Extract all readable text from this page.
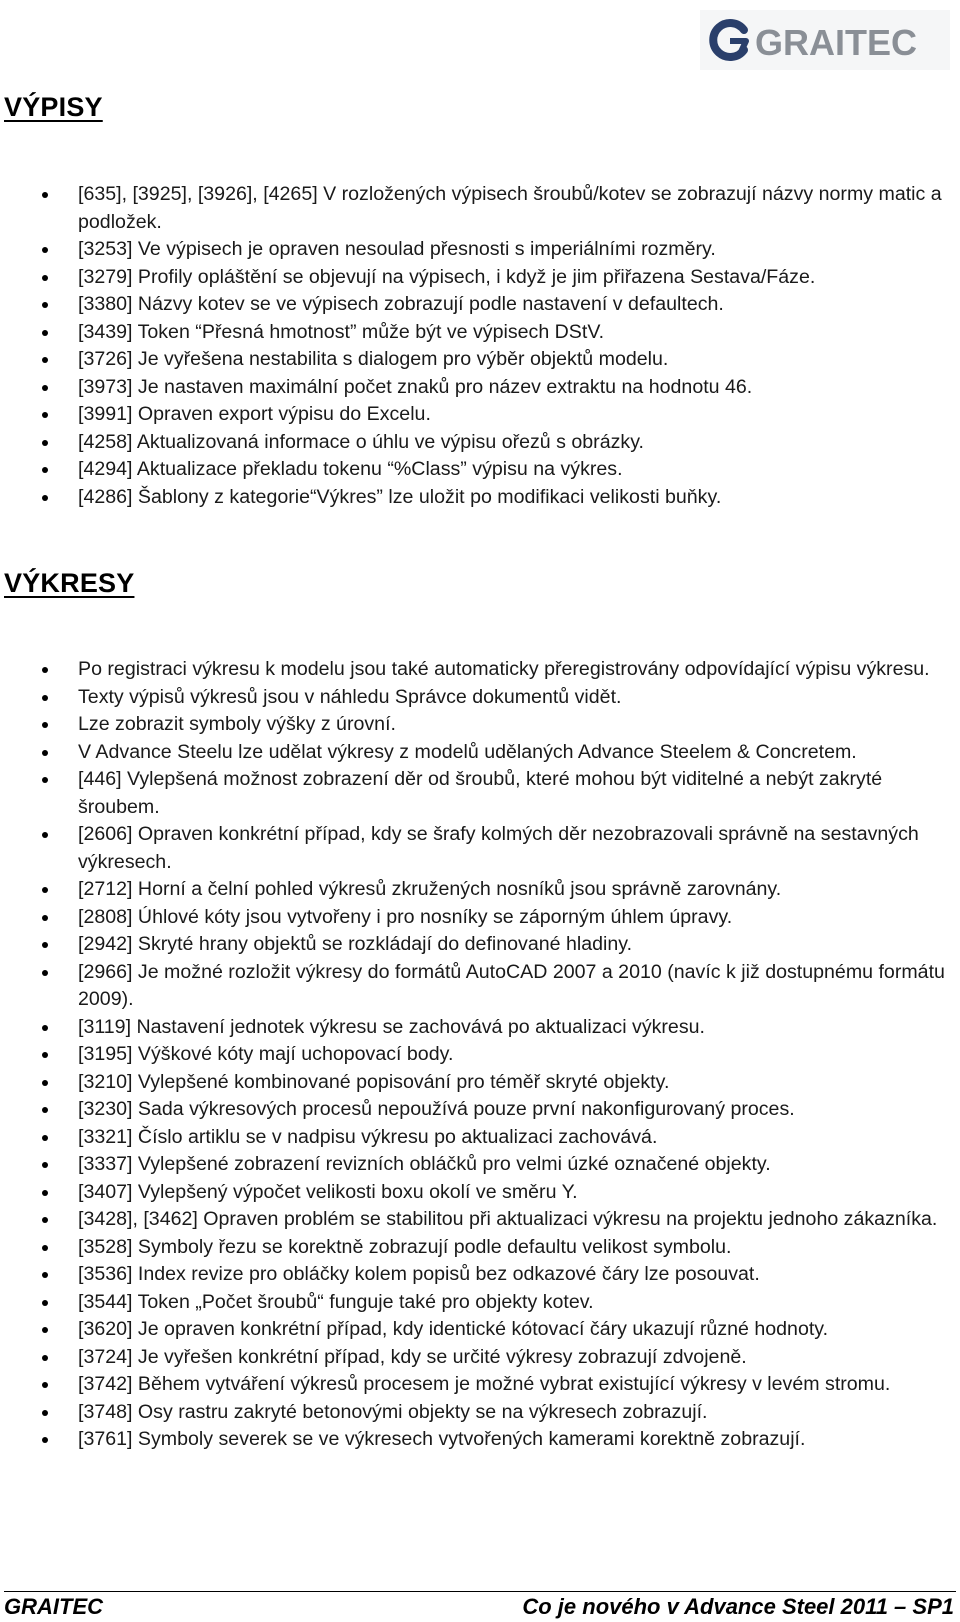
GRAITEC
VÝPISY
[635], [3925], [3926], [4265] V rozložených výpisech šroubů/kotev se zobrazují názvy normy matic a podložek.
[3253] Ve výpisech je opraven nesoulad přesnosti s imperiálními rozměry.
[3279] Profily opláštění se objevují na výpisech, i když je jim přiřazena Sestava/Fáze.
[3380] Názvy kotev se ve výpisech zobrazují podle nastavení v defaultech.
[3439] Token “Přesná hmotnost” může být ve výpisech DStV.
[3726] Je vyřešena nestabilita s dialogem pro výběr objektů modelu.
[3973] Je nastaven maximální počet znaků pro název extraktu na hodnotu 46.
[3991] Opraven export výpisu do Excelu.
[4258] Aktualizovaná informace o úhlu ve výpisu ořezů s obrázky.
[4294] Aktualizace překladu tokenu “%Class” výpisu na výkres.
[4286] Šablony z kategorie“Výkres” lze uložit po modifikaci velikosti buňky.
VÝKRESY
Po registraci výkresu k modelu jsou také automaticky přeregistrovány odpovídající výpisu výkresu.
Texty výpisů výkresů jsou v náhledu Správce dokumentů vidět.
Lze zobrazit symboly výšky z úrovní.
V Advance Steelu lze udělat výkresy z modelů udělaných Advance Steelem & Concretem.
[446] Vylepšená možnost zobrazení děr od šroubů, které mohou být viditelné a nebýt zakryté šroubem.
[2606] Opraven konkrétní případ, kdy se šrafy kolmých děr nezobrazovali správně na sestavných výkresech.
[2712] Horní a čelní pohled výkresů zkružených nosníků jsou správně zarovnány.
[2808] Úhlové kóty jsou vytvořeny i pro nosníky se záporným úhlem úpravy.
[2942] Skryté hrany objektů se rozkládají do definované hladiny.
[2966] Je možné rozložit výkresy do formátů AutoCAD 2007 a 2010 (navíc k již dostupnému formátu 2009).
[3119] Nastavení jednotek výkresu se zachovává po aktualizaci výkresu.
[3195] Výškové kóty mají uchopovací body.
[3210] Vylepšené kombinované popisování pro téměř skryté objekty.
[3230] Sada výkresových procesů nepoužívá pouze první nakonfigurovaný proces.
[3321] Číslo artiklu se v nadpisu výkresu po aktualizaci zachovává.
[3337] Vylepšené zobrazení revizních obláčků pro velmi úzké označené objekty.
[3407] Vylepšený výpočet velikosti boxu okolí ve směru Y.
[3428], [3462] Opraven problém se stabilitou při aktualizaci výkresu na projektu jednoho zákazníka.
[3528] Symboly řezu se korektně zobrazují podle defaultu velikost symbolu.
[3536] Index revize pro obláčky kolem popisů bez odkazové čáry lze posouvat.
[3544] Token „Počet šroubů“ funguje také pro objekty kotev.
[3620] Je opraven konkrétní případ, kdy identické kótovací čáry ukazují různé hodnoty.
[3724] Je vyřešen konkrétní případ, kdy se určité výkresy zobrazují zdvojeně.
[3742] Během vytváření výkresů procesem je možné vybrat existující výkresy v levém stromu.
[3748] Osy rastru zakryté betonovými objekty se na výkresech zobrazují.
[3761] Symboly severek se ve výkresech vytvořených kamerami korektně zobrazují.
GRAITEC	Co je nového v Advance Steel 2011 – SP1
